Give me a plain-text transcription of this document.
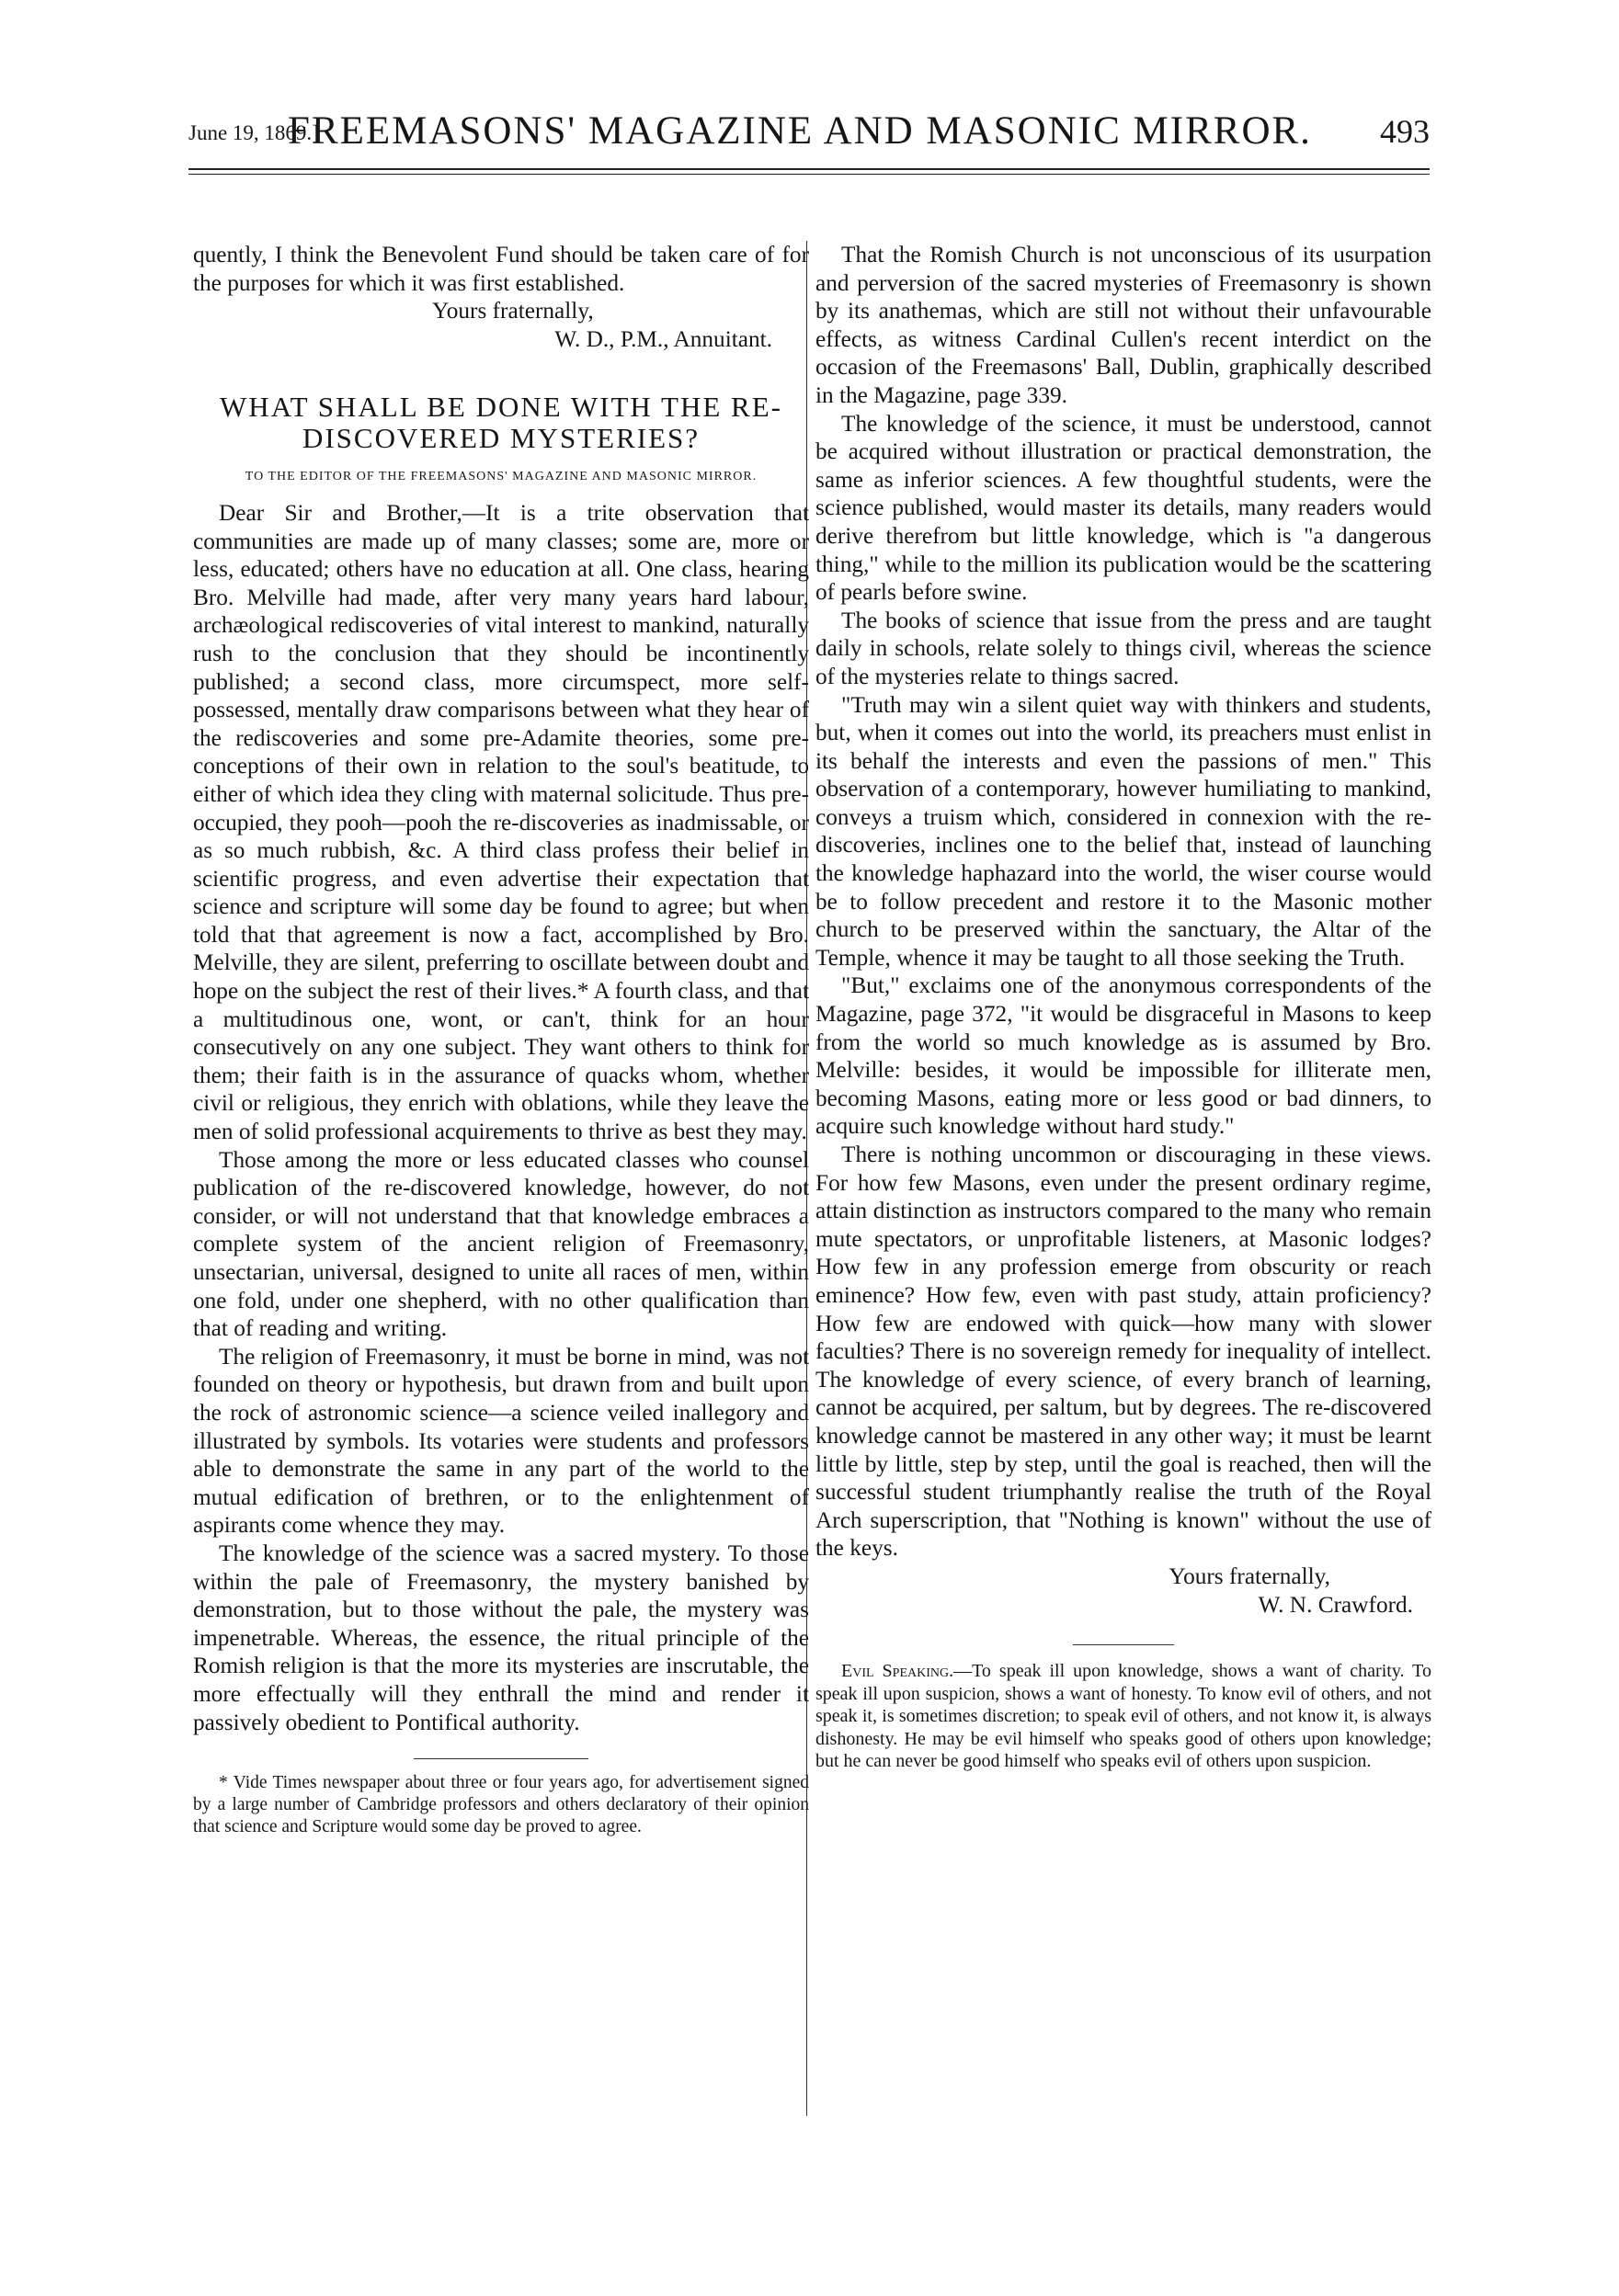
June 19, 1869.]
FREEMASONS' MAGAZINE AND MASONIC MIRROR. 493

quently, I think the Benevolent Fund should be taken care of for the purposes for which it was first established.

Yours fraternally,

W. D., P.M., Annuitant.

WHAT SHALL BE DONE WITH THE RE-DISCOVERED MYSTERIES?
TO THE EDITOR OF THE FREEMASONS' MAGAZINE AND MASONIC MIRROR.

Dear Sir and Brother,—It is a trite observation that communities are made up of many classes; some are, more or less, educated; others have no education at all. One class, hearing Bro. Melville had made, after very many years hard labour, archæological rediscoveries of vital interest to mankind, naturally rush to the conclusion that they should be incontinently published; a second class, more circumspect, more self-possessed, mentally draw comparisons between what they hear of the rediscoveries and some pre-Adamite theories, some pre-conceptions of their own in relation to the soul's beatitude, to either of which idea they cling with maternal solicitude. Thus pre-occupied, they pooh—pooh the re-discoveries as inadmissable, or as so much rubbish, &c. A third class profess their belief in scientific progress, and even advertise their expectation that science and scripture will some day be found to agree; but when told that that agreement is now a fact, accomplished by Bro. Melville, they are silent, preferring to oscillate between doubt and hope on the subject the rest of their lives.* A fourth class, and that a multitudinous one, wont, or can't, think for an hour consecutively on any one subject. They want others to think for them; their faith is in the assurance of quacks whom, whether civil or religious, they enrich with oblations, while they leave the men of solid professional acquirements to thrive as best they may.

Those among the more or less educated classes who counsel publication of the re-discovered knowledge, however, do not consider, or will not understand that that knowledge embraces a complete system of the ancient religion of Freemasonry, unsectarian, universal, designed to unite all races of men, within one fold, under one shepherd, with no other qualification than that of reading and writing.

The religion of Freemasonry, it must be borne in mind, was not founded on theory or hypothesis, but drawn from and built upon the rock of astronomic science—a science veiled inallegory and illustrated by symbols. Its votaries were students and professors able to demonstrate the same in any part of the world to the mutual edification of brethren, or to the enlightenment of aspirants come whence they may.

The knowledge of the science was a sacred mystery. To those within the pale of Freemasonry, the mystery banished by demonstration, but to those without the pale, the mystery was impenetrable. Whereas, the essence, the ritual principle of the Romish religion is that the more its mysteries are inscrutable, the more effectually will they enthrall the mind and render it passively obedient to Pontifical authority.

* Vide Times newspaper about three or four years ago, for advertisement signed by a large number of Cambridge professors and others declaratory of their opinion that science and Scripture would some day be proved to agree.

That the Romish Church is not unconscious of its usurpation and perversion of the sacred mysteries of Freemasonry is shown by its anathemas, which are still not without their unfavourable effects, as witness Cardinal Cullen's recent interdict on the occasion of the Freemasons' Ball, Dublin, graphically described in the Magazine, page 339.

The knowledge of the science, it must be understood, cannot be acquired without illustration or practical demonstration, the same as inferior sciences. A few thoughtful students, were the science published, would master its details, many readers would derive therefrom but little knowledge, which is "a dangerous thing," while to the million its publication would be the scattering of pearls before swine.

The books of science that issue from the press and are taught daily in schools, relate solely to things civil, whereas the science of the mysteries relate to things sacred.

"Truth may win a silent quiet way with thinkers and students, but, when it comes out into the world, its preachers must enlist in its behalf the interests and even the passions of men." This observation of a contemporary, however humiliating to mankind, conveys a truism which, considered in connexion with the re-discoveries, inclines one to the belief that, instead of launching the knowledge haphazard into the world, the wiser course would be to follow precedent and restore it to the Masonic mother church to be preserved within the sanctuary, the Altar of the Temple, whence it may be taught to all those seeking the Truth.

"But," exclaims one of the anonymous correspondents of the Magazine, page 372, "it would be disgraceful in Masons to keep from the world so much knowledge as is assumed by Bro. Melville: besides, it would be impossible for illiterate men, becoming Masons, eating more or less good or bad dinners, to acquire such knowledge without hard study."

There is nothing uncommon or discouraging in these views. For how few Masons, even under the present ordinary regime, attain distinction as instructors compared to the many who remain mute spectators, or unprofitable listeners, at Masonic lodges? How few in any profession emerge from obscurity or reach eminence? How few, even with past study, attain proficiency? How few are endowed with quick—how many with slower faculties? There is no sovereign remedy for inequality of intellect. The knowledge of every science, of every branch of learning, cannot be acquired, per saltum, but by degrees. The re-discovered knowledge cannot be mastered in any other way; it must be learnt little by little, step by step, until the goal is reached, then will the successful student triumphantly realise the truth of the Royal Arch superscription, that "Nothing is known" without the use of the keys.

Yours fraternally,

W. N. Crawford.

Evil Speaking.—To speak ill upon knowledge, shows a want of charity. To speak ill upon suspicion, shows a want of honesty. To know evil of others, and not speak it, is sometimes discretion; to speak evil of others, and not know it, is always dishonesty. He may be evil himself who speaks good of others upon knowledge; but he can never be good himself who speaks evil of others upon suspicion.
